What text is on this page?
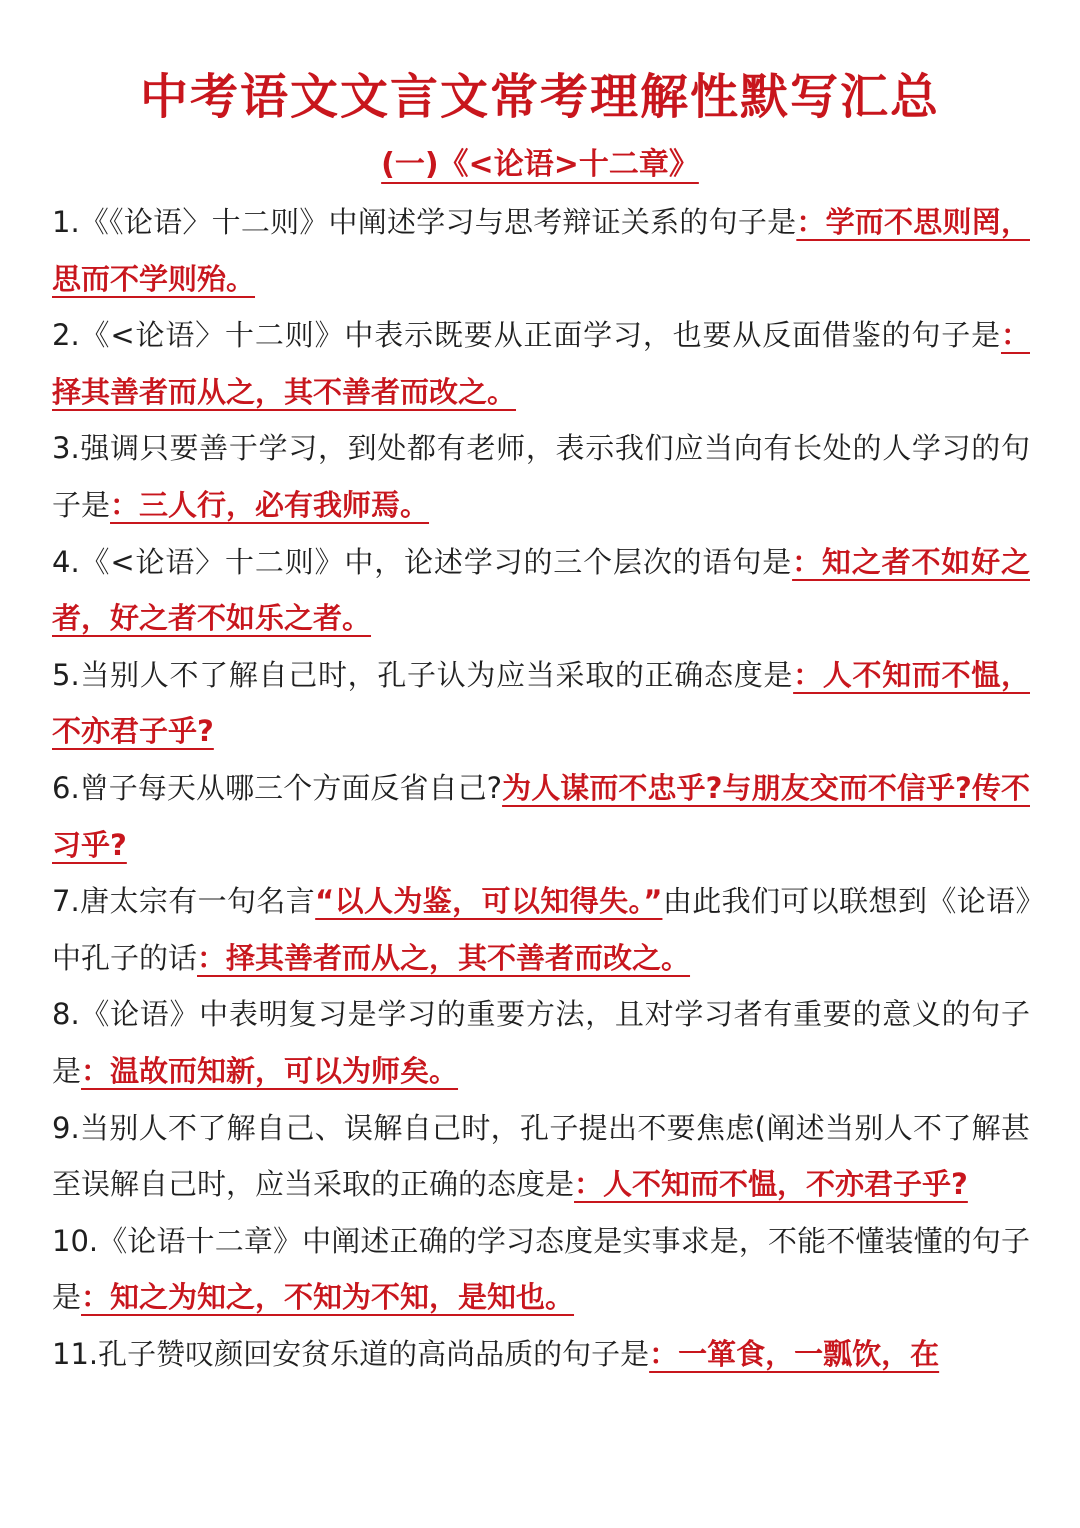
中考语文文言文常考理解性默写汇总
(一)《<论语>十二章》
1.《《论语〉十二则》中阐述学习与思考辩证关系的句子是：学而不思则罔，思而不学则殆。
2.《<论语〉十二则》中表示既要从正面学习，也要从反面借鉴的句子是：择其善者而从之，其不善者而改之。
3.强调只要善于学习，到处都有老师，表示我们应当向有长处的人学习的句子是：三人行，必有我师焉。
4.《<论语〉十二则》中，论述学习的三个层次的语句是：知之者不如好之者，好之者不如乐之者。
5.当别人不了解自己时，孔子认为应当采取的正确态度是：人不知而不愠，不亦君子乎?
6.曾子每天从哪三个方面反省自己?为人谋而不忠乎?与朋友交而不信乎?传不习乎?
7.唐太宗有一句名言“以人为鉴，可以知得失。”由此我们可以联想到《论语》中孔子的话：择其善者而从之，其不善者而改之。
8.《论语》中表明复习是学习的重要方法，且对学习者有重要的意义的句子是：温故而知新，可以为师矣。
9.当别人不了解自己、误解自己时，孔子提出不要焦虑(阐述当别人不了解甚至误解自己时，应当采取的正确的态度是：人不知而不愠，不亦君子乎?
10.《论语十二章》中阐述正确的学习态度是实事求是，不能不懂装懂的句子是：知之为知之，不知为不知，是知也。
11.孔子赞叹颜回安贫乐道的高尚品质的句子是：一箪食，一瓢饮，在
